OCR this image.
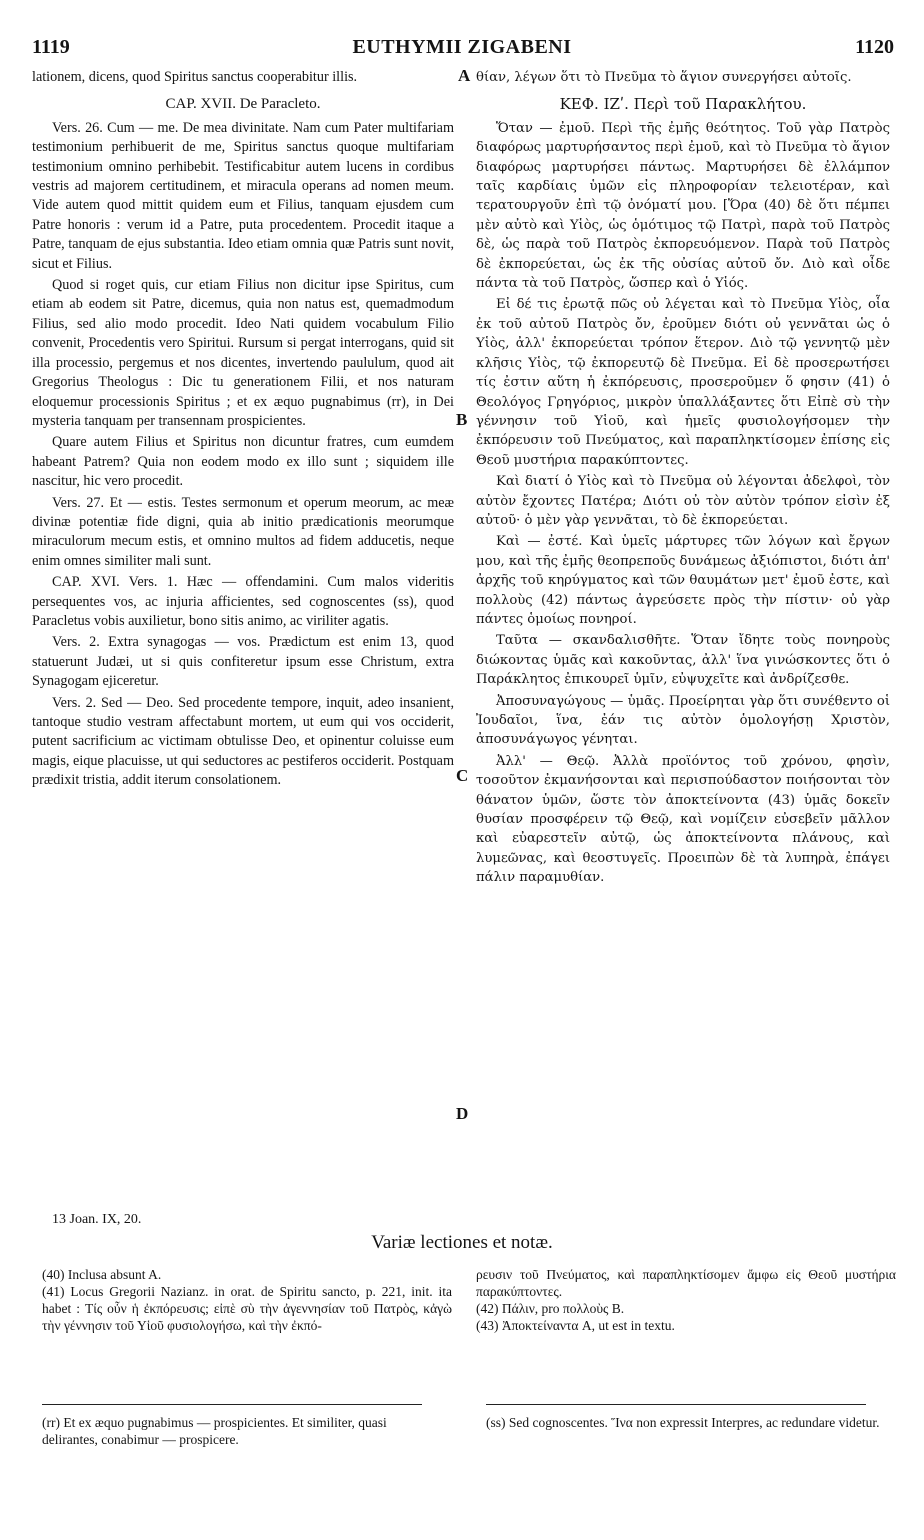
1119	EUTHYMII ZIGABENI	1120

lationem, dicens, quod Spiritus sanctus cooperabitur illis.

CAP. XVII. De Paracleto.

Vers. 26. Cum — me. De mea divinitate. Nam cum Pater multifariam testimonium perhibuerit de me, Spiritus sanctus quoque multifariam testimonium omnino perhibebit. Testificabitur autem lucens in cordibus vestris ad majorem certitudinem, et miracula operans ad nomen meum. Vide autem quod mittit quidem eum et Filius, tanquam ejusdem cum Patre honoris : verum id a Patre, puta procedentem. Procedit itaque a Patre, tanquam de ejus substantia. Ideo etiam omnia quæ Patris sunt novit, sicut et Filius.

Quod si roget quis, cur etiam Filius non dicitur ipse Spiritus, cum etiam ab eodem sit Patre, dicemus, quia non natus est, quemadmodum Filius, sed alio modo procedit. Ideo Nati quidem vocabulum Filio convenit, Procedentis vero Spiritui. Rursum si pergat interrogans, quid sit illa processio, pergemus et nos dicentes, invertendo paululum, quod ait Gregorius Theologus : Dic tu generationem Filii, et nos naturam eloquemur processionis Spiritus ; et ex æquo pugnabimus (rr), in Dei mysteria tanquam per transennam prospicientes.

Quare autem Filius et Spiritus non dicuntur fratres, cum eumdem habeant Patrem? Quia non eodem modo ex illo sunt ; siquidem ille nascitur, hic vero procedit.

Vers. 27. Et — estis. Testes sermonum et operum meorum, ac meæ divinæ potentiæ fide digni, quia ab initio prædicationis meorumque miraculorum mecum estis, et omnino multos ad fidem adducetis, neque enim omnes similiter mali sunt.

CAP. XVI. Vers. 1. Hæc — offendamini. Cum malos videritis persequentes vos, ac injuria afficientes, sed cognoscentes (ss), quod Paracletus vobis auxilietur, bono sitis animo, ac viriliter agatis.

Vers. 2. Extra synagogas — vos. Prædictum est enim 13, quod statuerunt Judæi, ut si quis confiteretur ipsum esse Christum, extra Synagogam ejiceretur.

Vers. 2. Sed — Deo. Sed procedente tempore, inquit, adeo insanient, tantoque studio vestram affectabunt mortem, ut eum qui vos occiderit, putent sacrificium ac victimam obtulisse Deo, et opinentur coluisse eum magis, eique placuisse, ut qui seductores ac pestiferos occiderit. Postquam prædixit tristia, addit iterum consolationem.

A
B
C
D

θίαν, λέγων ὅτι τὸ Πνεῦμα τὸ ἅγιον συνεργήσει αὐτοῖς.

ΚΕΦ. ΙΖʹ. Περὶ τοῦ Παρακλήτου.

Ὅταν — ἐμοῦ. Περὶ τῆς ἐμῆς θεότητος. Τοῦ γὰρ Πατρὸς διαφόρως μαρτυρήσαντος περὶ ἐμοῦ, καὶ τὸ Πνεῦμα τὸ ἅγιον διαφόρως μαρτυρήσει πάντως. Μαρτυρήσει δὲ ἐλλάμπον ταῖς καρδίαις ὑμῶν εἰς πληροφορίαν τελειοτέραν, καὶ τερατουργοῦν ἐπὶ τῷ ὀνόματί μου. [Ὅρα (40) δὲ ὅτι πέμπει μὲν αὐτὸ καὶ Υἱὸς, ὡς ὁμότιμος τῷ Πατρὶ, παρὰ τοῦ Πατρὸς δὲ, ὡς παρὰ τοῦ Πατρὸς ἐκπορευόμενον. Παρὰ τοῦ Πατρὸς δὲ ἐκπορεύεται, ὡς ἐκ τῆς οὐσίας αὐτοῦ ὄν. Διὸ καὶ οἶδε πάντα τὰ τοῦ Πατρὸς, ὥσπερ καὶ ὁ Υἱός.

Εἰ δέ τις ἐρωτᾷ πῶς οὐ λέγεται καὶ τὸ Πνεῦμα Υἱὸς, οἷα ἐκ τοῦ αὐτοῦ Πατρὸς ὄν, ἐροῦμεν διότι οὐ γεννᾶται ὡς ὁ Υἱὸς, ἀλλ' ἐκπορεύεται τρόπον ἕτερον. Διὸ τῷ γεννητῷ μὲν κλῆσις Υἱὸς, τῷ ἐκπορευτῷ δὲ Πνεῦμα. Εἰ δὲ προσερωτήσει τίς ἐστιν αὕτη ἡ ἐκπόρευσις, προσεροῦμεν ὅ φησιν (41) ὁ Θεολόγος Γρηγόριος, μικρὸν ὑπαλλάξαντες ὅτι Εἰπὲ σὺ τὴν γέννησιν τοῦ Υἱοῦ, καὶ ἡμεῖς φυσιολογήσομεν τὴν ἐκπόρευσιν τοῦ Πνεύματος, καὶ παραπληκτίσομεν ἐπίσης εἰς Θεοῦ μυστήρια παρακύπτοντες.

Καὶ διατί ὁ Υἱὸς καὶ τὸ Πνεῦμα οὐ λέγονται ἀδελφοὶ, τὸν αὐτὸν ἔχοντες Πατέρα; Διότι οὐ τὸν αὐτὸν τρόπον εἰσὶν ἐξ αὐτοῦ· ὁ μὲν γὰρ γεννᾶται, τὸ δὲ ἐκπορεύεται.

Καὶ — ἐστέ. Καὶ ὑμεῖς μάρτυρες τῶν λόγων καὶ ἔργων μου, καὶ τῆς ἐμῆς θεοπρεποῦς δυνάμεως ἀξιόπιστοι, διότι ἀπ' ἀρχῆς τοῦ κηρύγματος καὶ τῶν θαυμάτων μετ' ἐμοῦ ἐστε, καὶ πολλοὺς (42) πάντως ἀγρεύσετε πρὸς τὴν πίστιν· οὐ γὰρ πάντες ὁμοίως πονηροί.

Ταῦτα — σκανδαλισθῆτε. Ὅταν ἴδητε τοὺς πονηροὺς διώκοντας ὑμᾶς καὶ κακοῦντας, ἀλλ' ἵνα γινώσκοντες ὅτι ὁ Παράκλητος ἐπικουρεῖ ὑμῖν, εὐψυχεῖτε καὶ ἀνδρίζεσθε.

Ἀποσυναγώγους — ὑμᾶς. Προείρηται γὰρ ὅτι συνέθεντο οἱ Ἰουδαῖοι, ἵνα, ἐάν τις αὐτὸν ὁμολογήσῃ Χριστὸν, ἀποσυνάγωγος γένηται.

Ἀλλ' — Θεῷ. Ἀλλὰ προϊόντος τοῦ χρόνου, φησὶν, τοσοῦτον ἐκμανήσονται καὶ περισπούδαστον ποιήσονται τὸν θάνατον ὑμῶν, ὥστε τὸν ἀποκτείνοντα (43) ὑμᾶς δοκεῖν θυσίαν προσφέρειν τῷ Θεῷ, καὶ νομίζειν εὐσεβεῖν μᾶλλον καὶ εὐαρεστεῖν αὐτῷ, ὡς ἀποκτείνοντα πλάνους, καὶ λυμεῶνας, καὶ θεοστυγεῖς. Προειπὼν δὲ τὰ λυπηρὰ, ἐπάγει πάλιν παραμυθίαν.

13 Joan. IX, 20.
Variæ lectiones et notæ.

(40) Inclusa absunt A.

(41) Locus Gregorii Nazianz. in orat. de Spiritu sancto, p. 221, init. ita habet : Τίς οὖν ἡ ἐκπόρευσις; εἰπὲ σὺ τὴν ἀγεννησίαν τοῦ Πατρὸς, κἀγὼ τὴν γέννησιν τοῦ Υἱοῦ φυσιολογήσω, καὶ τὴν ἐκπό-

ρευσιν τοῦ Πνεύματος, καὶ παραπληκτίσομεν ἄμφω εἰς Θεοῦ μυστήρια παρακύπτοντες.

(42) Πάλιν, pro πολλοὺς B.

(43) Ἀποκτείναντα A, ut est in textu.

(rr) Et ex æquo pugnabimus — prospicientes. Et similiter, quasi delirantes, conabimur — prospicere.
(ss) Sed cognoscentes. Ἵνα non expressit Interpres, ac redundare videtur.
